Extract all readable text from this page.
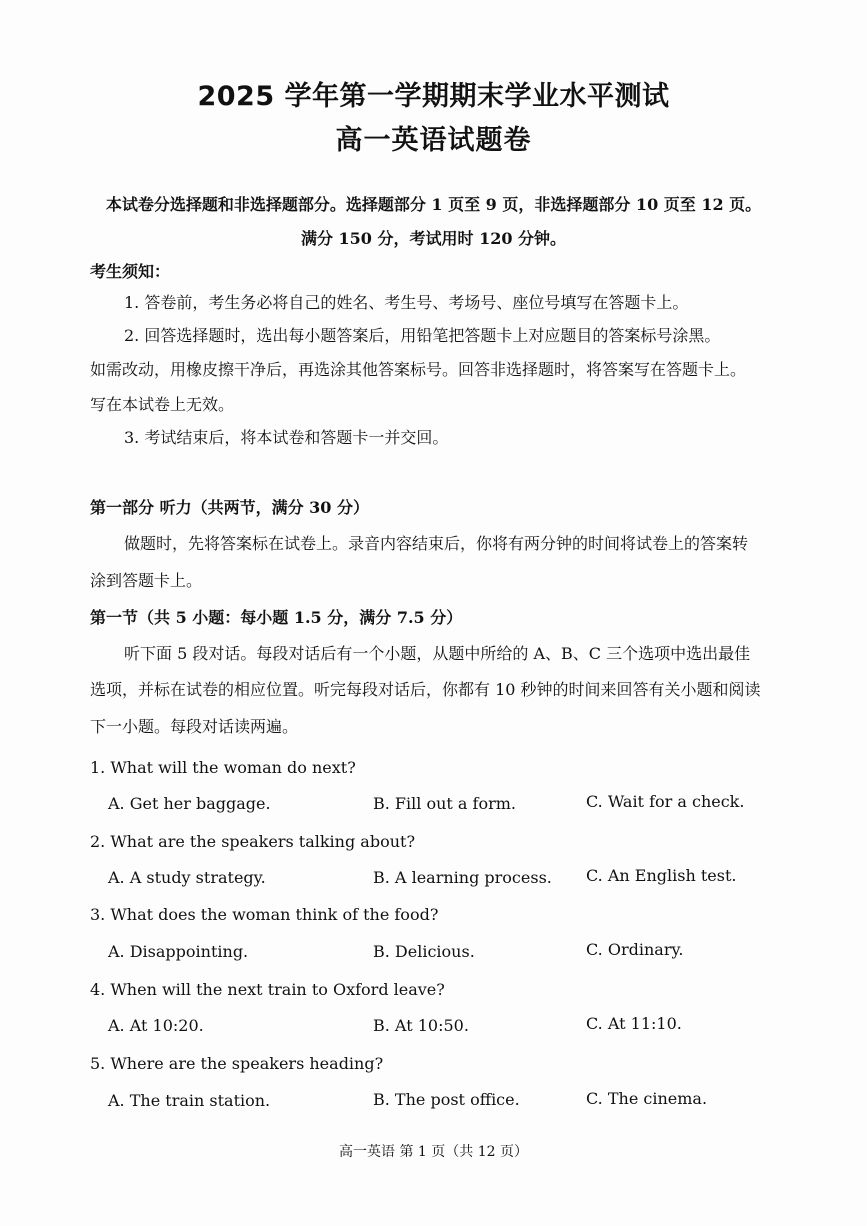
2025 学年第一学期期末学业水平测试
高一英语试题卷
本试卷分选择题和非选择题部分。选择题部分 1 页至 9 页，非选择题部分 10 页至 12 页。
满分 150 分，考试用时 120 分钟。
考生须知：
1. 答卷前，考生务必将自己的姓名、考生号、考场号、座位号填写在答题卡上。
2. 回答选择题时，选出每小题答案后，用铅笔把答题卡上对应题目的答案标号涂黑。
如需改动，用橡皮擦干净后，再选涂其他答案标号。回答非选择题时，将答案写在答题卡上。
写在本试卷上无效。
3. 考试结束后，将本试卷和答题卡一并交回。
第一部分 听力（共两节，满分 30 分）
做题时，先将答案标在试卷上。录音内容结束后，你将有两分钟的时间将试卷上的答案转
涂到答题卡上。
第一节（共 5 小题：每小题 1.5 分，满分 7.5 分）
听下面 5 段对话。每段对话后有一个小题，从题中所给的 A、B、C 三个选项中选出最佳
选项，并标在试卷的相应位置。听完每段对话后，你都有 10 秒钟的时间来回答有关小题和阅读
下一小题。每段对话读两遍。
1. What will the woman do next?
A. Get her baggage.	B. Fill out a form.	C. Wait for a check.
2. What are the speakers talking about?
A. A study strategy.	B. A learning process. C. An English test.
3. What does the woman think of the food?
A. Disappointing.	B. Delicious.	C. Ordinary.
4. When will the next train to Oxford leave?
A. At 10:20.	B. At 10:50.	C. At 11:10.
5. Where are the speakers heading?
A. The train station.	B. The post office.	C. The cinema.
高一英语 第 1 页（共 12 页）
